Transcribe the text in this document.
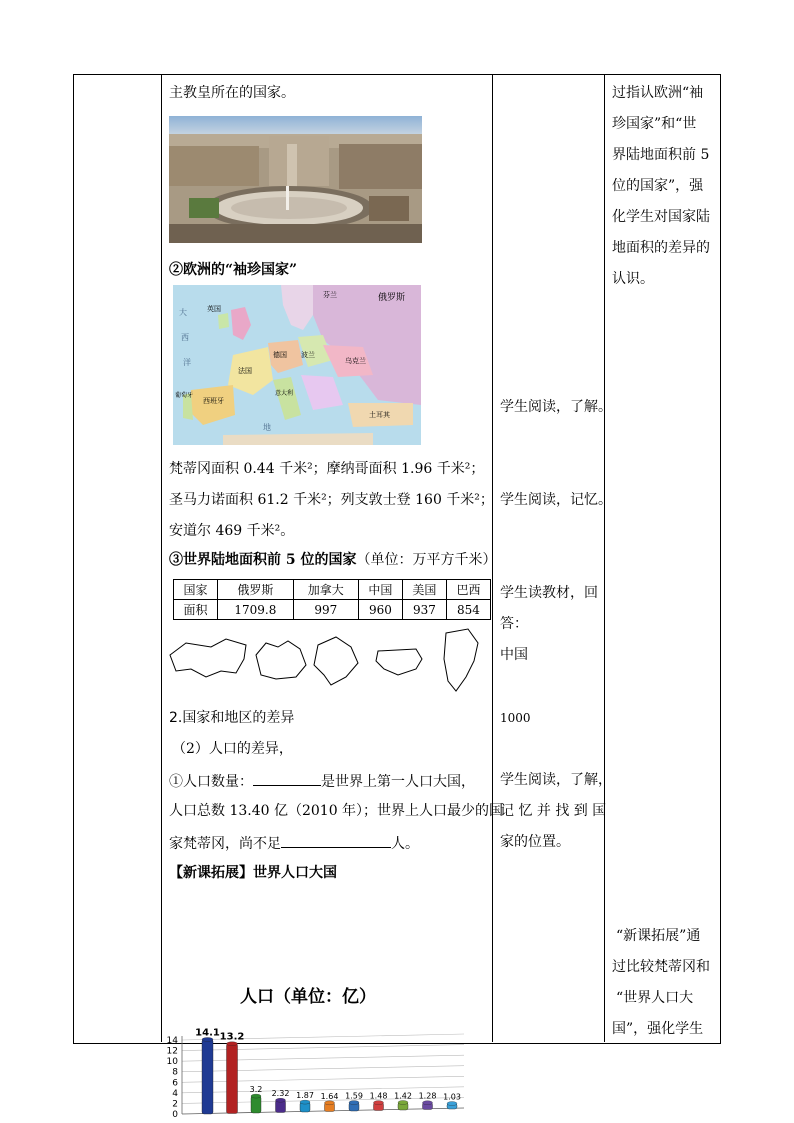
主教皇所在的国家。
②欧洲的“袖珍国家”
大
西
洋
俄罗斯
芬兰
英国
德国 波兰
乌克兰
法国
西班牙
葡萄牙	意大利
土耳其
地
梵蒂冈面积 0.44 千米²；摩纳哥面积 1.96 千米²；
圣马力诺面积 61.2 千米²；列支敦士登 160 千米²；
安道尔 469 千米²。
③世界陆地面积前 5 位的国家（单位：万平方千米）
国家	俄罗斯	加拿大	中国	美国	巴西
面积	1709.8	997	960	937	854
2.国家和地区的差异
（2）人口的差异，
①人口数量：	是世界上第一人口大国，
人口总数 13.40 亿（2010 年）；世界上人口最少的国
家梵蒂冈，尚不足	人。
【新课拓展】世界人口大国
学生阅读，了解。
学生阅读，记忆。
学生读教材，回
答：
中国
1000
学生阅读，了解，
记 忆 并 找 到 国
家的位置。
过指认欧洲“袖
珍国家”和“世
界陆地面积前 5
位的国家”，强
化学生对国家陆
地面积的差异的
认识。
“新课拓展”通
过比较梵蒂冈和
“世界人口大
国”，强化学生
人口（单位：亿）
0
2
4
6
8
10
12
14
14.1 13.2
3.2 2.32 1.87 1.64 1.59 1.48 1.42 1.28 1.03
